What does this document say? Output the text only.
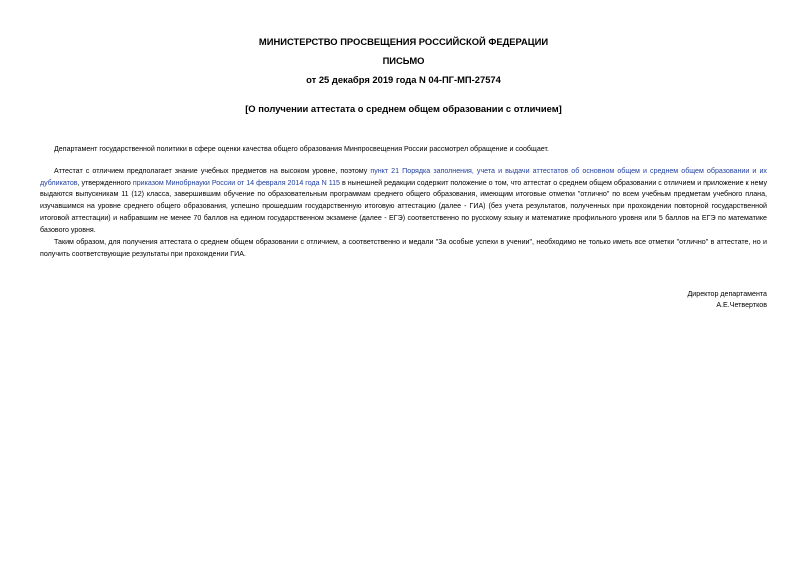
МИНИСТЕРСТВО ПРОСВЕЩЕНИЯ РОССИЙСКОЙ ФЕДЕРАЦИИ
ПИСЬМО
от 25 декабря 2019 года N 04-ПГ-МП-27574
[О получении аттестата о среднем общем образовании с отличием]

Департамент государственной политики в сфере оценки качества общего образования Минпросвещения России рассмотрел обращение и сообщает.

Аттестат с отличием предполагает знание учебных предметов на высоком уровне, поэтому пункт 21 Порядка заполнения, учета и выдачи аттестатов об основном общем и среднем общем образовании и их дубликатов, утвержденного приказом Минобрнауки России от 14 февраля 2014 года N 115 в нынешней редакции содержит положение о том, что аттестат о среднем общем образовании с отличием и приложение к нему выдаются выпускникам 11 (12) класса, завершившим обучение по образовательным программам среднего общего образования, имеющим итоговые отметки "отлично" по всем учебным предметам учебного плана, изучавшимся на уровне среднего общего образования, успешно прошедшим государственную итоговую аттестацию (далее - ГИА) (без учета результатов, полученных при прохождении повторной государственной итоговой аттестации) и набравшим не менее 70 баллов на едином государственном экзамене (далее - ЕГЭ) соответственно по русскому языку и математике профильного уровня или 5 баллов на ЕГЭ по математике базового уровня.

Таким образом, для получения аттестата о среднем общем образовании с отличием, а соответственно и медали "За особые успехи в учении", необходимо не только иметь все отметки "отлично" в аттестате, но и получить соответствующие результаты при прохождении ГИА.

Директор департамента
А.Е.Четвертков
